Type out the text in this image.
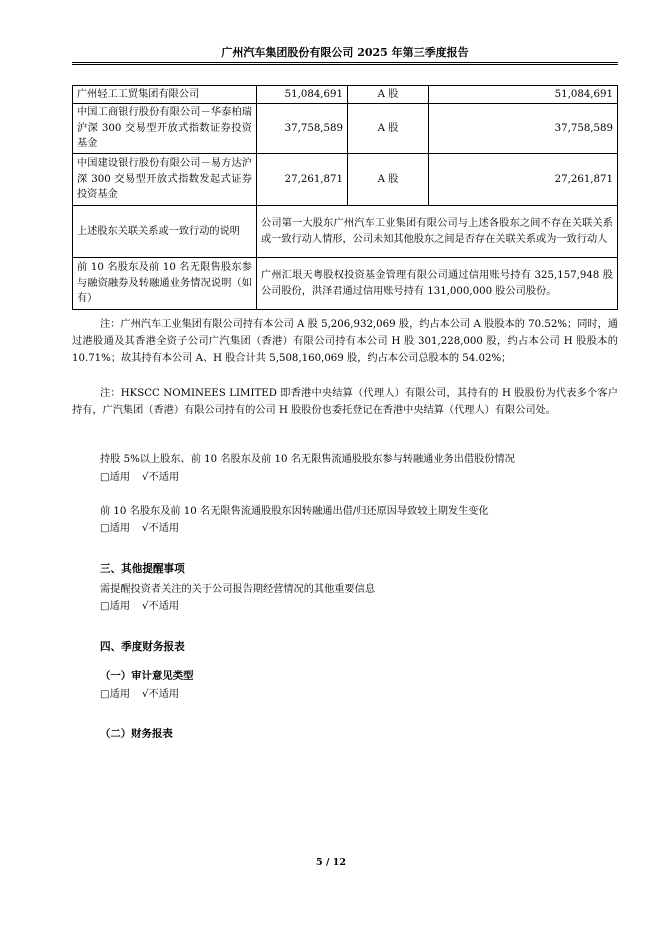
广州汽车集团股份有限公司 2025 年第三季度报告
广州轻工工贸集团有限公司	51,084,691	A 股	51,084,691
中国工商银行股份有限公司－华泰柏瑞沪深 300 交易型开放式指数证券投资基金	37,758,589	A 股	37,758,589
中国建设银行股份有限公司－易方达沪深 300 交易型开放式指数发起式证券投资基金	27,261,871	A 股	27,261,871
上述股东关联关系或一致行动的说明	公司第一大股东广州汽车工业集团有限公司与上述各股东之间不存在关联关系或一致行动人情形，公司未知其他股东之间是否存在关联关系或为一致行动人		
前 10 名股东及前 10 名无限售股东参与融资融券及转融通业务情况说明（如有）	广州汇垠天粤股权投资基金管理有限公司通过信用账号持有 325,157,948 股公司股份，洪泽君通过信用账号持有 131,000,000 股公司股份。		

注：广州汽车工业集团有限公司持有本公司 A 股 5,206,932,069 股，约占本公司 A 股股本的 70.52%；同时，通过港股通及其香港全资子公司广汽集团（香港）有限公司持有本公司 H 股 301,228,000 股，约占本公司 H 股股本的 10.71%；故其持有本公司 A、H 股合计共 5,508,160,069 股，约占本公司总股本的 54.02%；

注：HKSCC NOMINEES LIMITED 即香港中央结算（代理人）有限公司，其持有的 H 股股份为代表多个客户持有，广汽集团（香港）有限公司持有的公司 H 股股份也委托登记在香港中央结算（代理人）有限公司处。

持股 5%以上股东、前 10 名股东及前 10 名无限售流通股股东参与转融通业务出借股份情况

□适用 √不适用

前 10 名股东及前 10 名无限售流通股股东因转融通出借/归还原因导致较上期发生变化

□适用 √不适用

三、其他提醒事项

需提醒投资者关注的关于公司报告期经营情况的其他重要信息

□适用 √不适用

四、季度财务报表

（一）审计意见类型

□适用 √不适用

（二）财务报表

5 / 12
